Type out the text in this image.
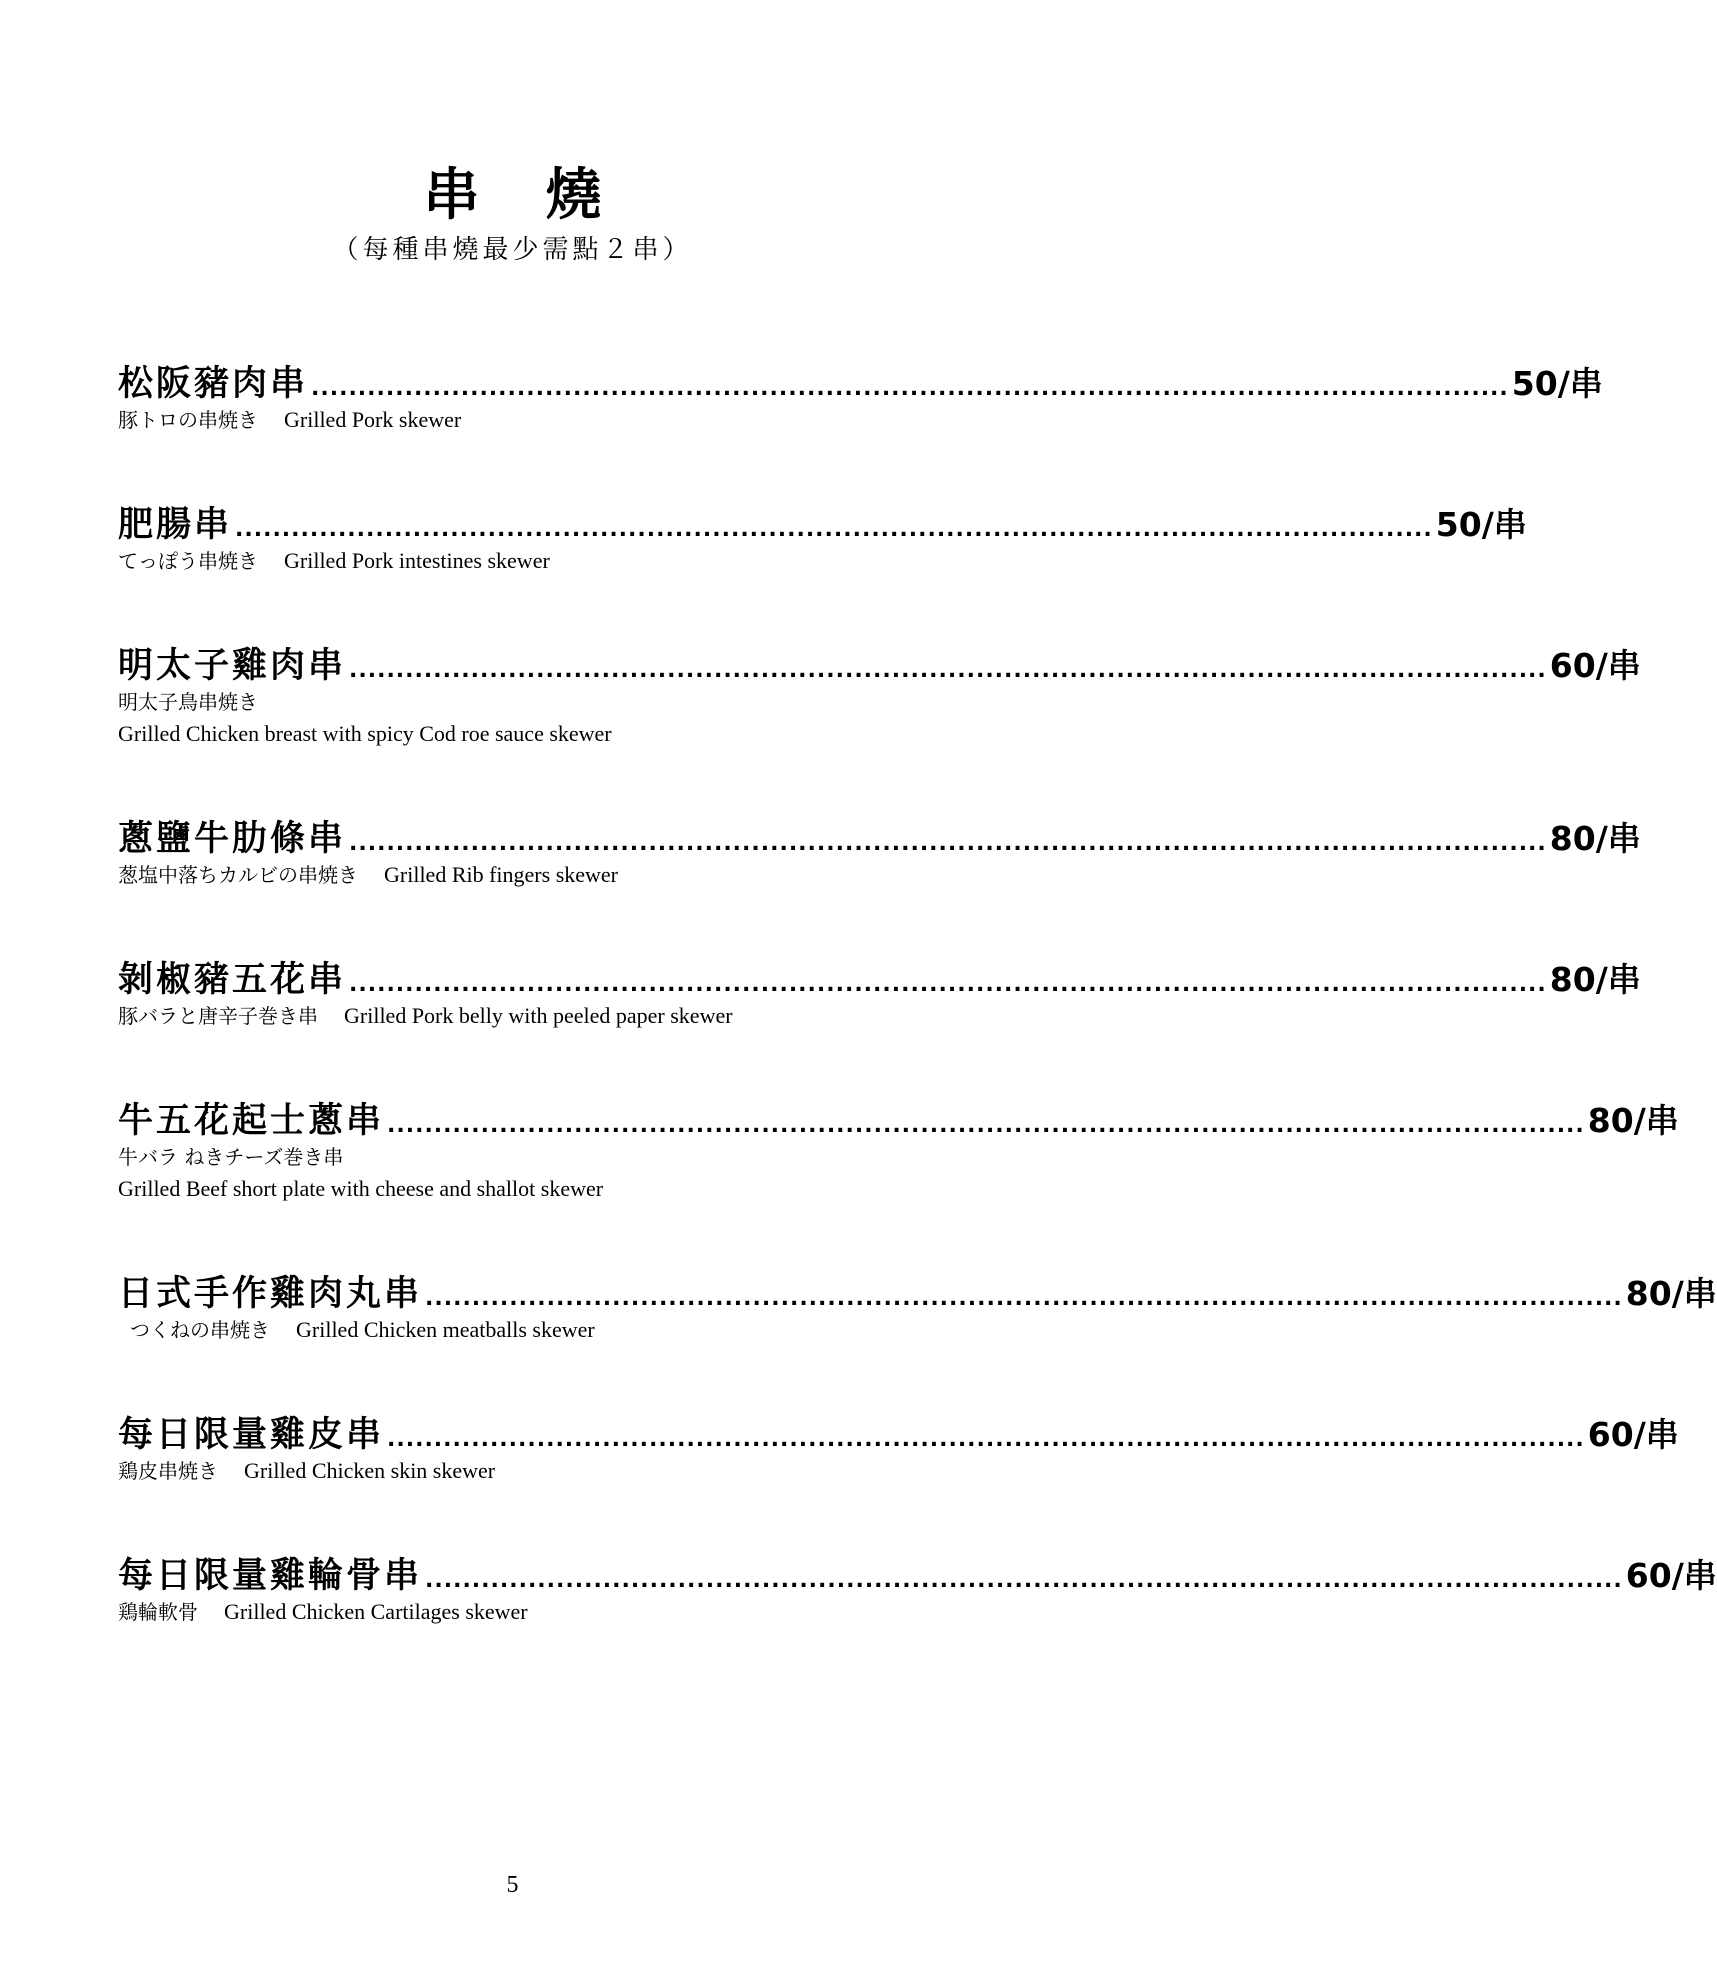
串燒
（每種串燒最少需點２串）
松阪豬肉串 ................................................................................................................................ 50/串
豚トロの串焼き Grilled Pork skewer
肥腸串 ................................................................................................................................ 50/串
てっぽう串焼き Grilled Pork intestines skewer
明太子雞肉串 ................................................................................................................................ 60/串
明太子鳥串焼き
Grilled Chicken breast with spicy Cod roe sauce skewer
蔥鹽牛肋條串 ................................................................................................................................ 80/串
葱塩中落ちカルビの串焼き Grilled Rib fingers skewer
剝椒豬五花串 ................................................................................................................................ 80/串
豚バラと唐辛子巻き串 Grilled Pork belly with peeled paper skewer
牛五花起士蔥串 ................................................................................................................................ 80/串
牛バラ ねきチーズ巻き串
Grilled Beef short plate with cheese and shallot skewer
日式手作雞肉丸串 ................................................................................................................................ 80/串
つくねの串焼き Grilled Chicken meatballs skewer
每日限量雞皮串 ................................................................................................................................ 60/串
鶏皮串焼き Grilled Chicken skin skewer
每日限量雞輪骨串 ................................................................................................................................ 60/串
鶏輪軟骨 Grilled Chicken Cartilages skewer
5
